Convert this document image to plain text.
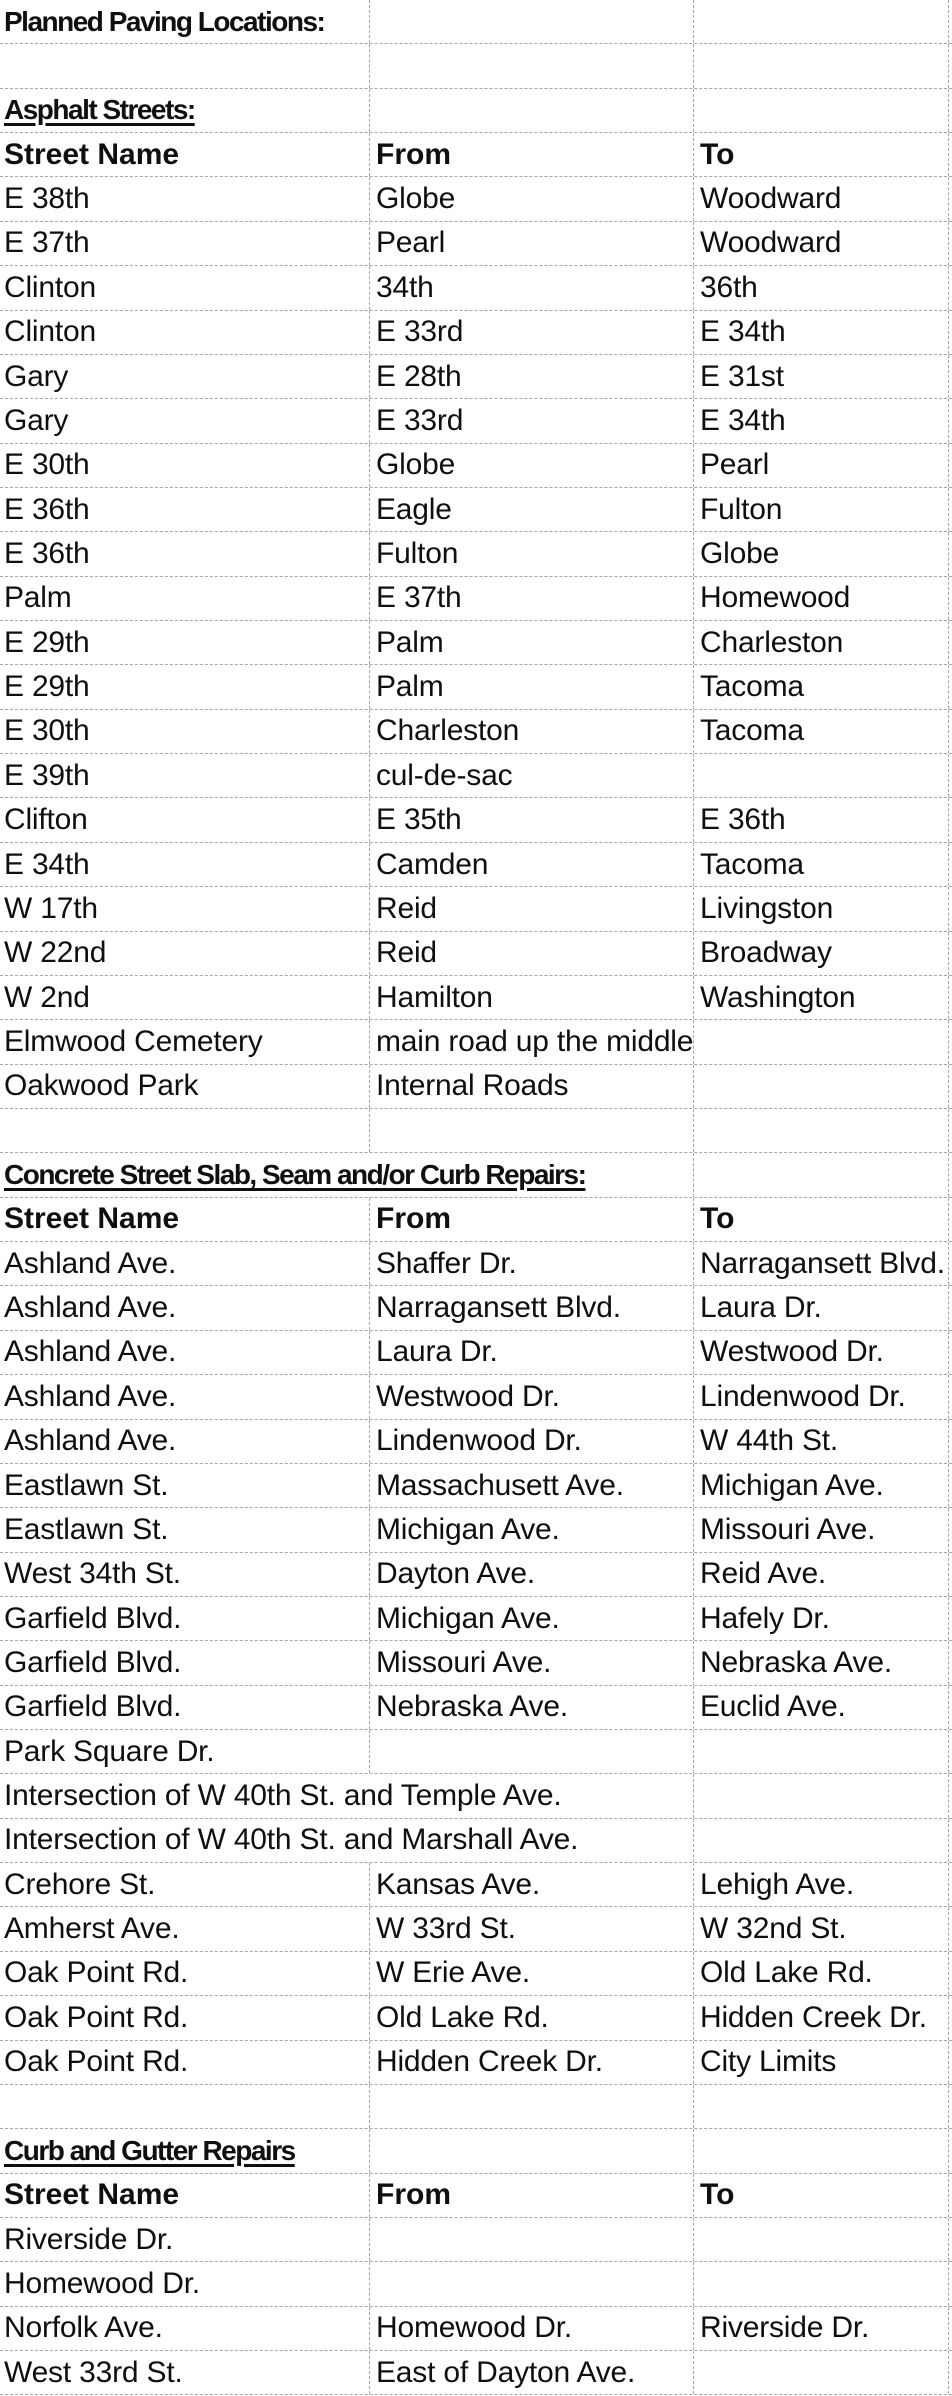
Planned Paving Locations:
Asphalt Streets:
Street Name	From	To
E 38th	Globe	Woodward
E 37th	Pearl	Woodward
Clinton	34th	36th
Clinton	E 33rd	E 34th
Gary	E 28th	E 31st
Gary	E 33rd	E 34th
E 30th	Globe	Pearl
E 36th	Eagle	Fulton
E 36th	Fulton	Globe
Palm	E 37th	Homewood
E 29th	Palm	Charleston
E 29th	Palm	Tacoma
E 30th	Charleston	Tacoma
E 39th	cul-de-sac
Clifton	E 35th	E 36th
E 34th	Camden	Tacoma
W 17th	Reid	Livingston
W 22nd	Reid	Broadway
W 2nd	Hamilton	Washington
Elmwood Cemetery	main road up the middle
Oakwood Park	Internal Roads
Concrete Street Slab, Seam and/or Curb Repairs:
Street Name	From	To
Ashland Ave.	Shaffer Dr.	Narragansett Blvd.
Ashland Ave.	Narragansett Blvd.	Laura Dr.
Ashland Ave.	Laura Dr.	Westwood Dr.
Ashland Ave.	Westwood Dr.	Lindenwood Dr.
Ashland Ave.	Lindenwood Dr.	W 44th St.
Eastlawn St.	Massachusett Ave.	Michigan Ave.
Eastlawn St.	Michigan Ave.	Missouri Ave.
West 34th St.	Dayton Ave.	Reid Ave.
Garfield Blvd.	Michigan Ave.	Hafely Dr.
Garfield Blvd.	Missouri Ave.	Nebraska Ave.
Garfield Blvd.	Nebraska Ave.	Euclid Ave.
Park Square Dr.
Intersection of W 40th St. and Temple Ave.
Intersection of W 40th St. and Marshall Ave.
Crehore St.	Kansas Ave.	Lehigh Ave.
Amherst Ave.	W 33rd St.	W 32nd St.
Oak Point Rd.	W Erie Ave.	Old Lake Rd.
Oak Point Rd.	Old Lake Rd.	Hidden Creek Dr.
Oak Point Rd.	Hidden Creek Dr.	City Limits
Curb and Gutter Repairs
Street Name	From	To
Riverside Dr.
Homewood Dr.
Norfolk Ave.	Homewood Dr.	Riverside Dr.
West 33rd St.	East of Dayton Ave.
